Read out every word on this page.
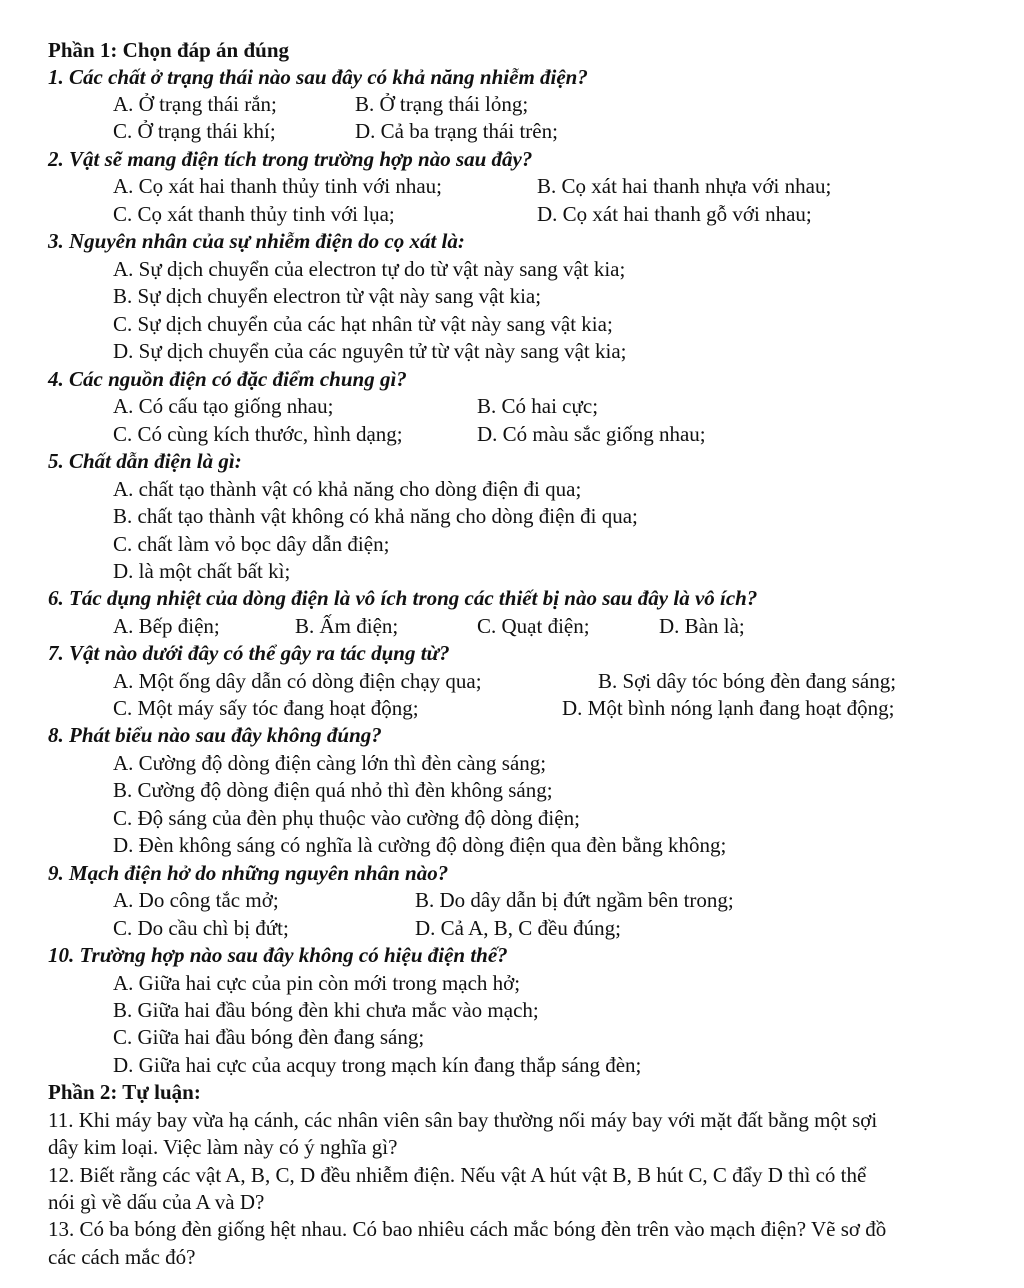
Phần 1: Chọn đáp án đúng
1. Các chất ở trạng thái nào sau đây có khả năng nhiễm điện?
A. Ở trạng thái rắn;	B. Ở trạng thái lỏng;
C. Ở trạng thái khí;	D. Cả ba trạng thái trên;
2. Vật sẽ mang điện tích trong trường hợp nào sau đây?
A. Cọ xát hai thanh thủy tinh với nhau;	B. Cọ xát hai thanh nhựa với nhau;
C. Cọ xát thanh thủy tinh với lụa;	D. Cọ xát hai thanh gỗ với nhau;
3. Nguyên nhân của sự nhiễm điện do cọ xát là:
A. Sự dịch chuyển của electron tự do từ vật này sang vật kia;
B. Sự dịch chuyển electron từ vật này sang vật kia;
C. Sự dịch chuyển của các hạt nhân từ vật này sang vật kia;
D. Sự dịch chuyển của các nguyên tử từ vật này sang vật kia;
4. Các nguồn điện có đặc điểm chung gì?
A. Có cấu tạo giống nhau;	B. Có hai cực;
C. Có cùng kích thước, hình dạng;	D. Có màu sắc giống nhau;
5. Chất dẫn điện là gì:
A. chất tạo thành vật có khả năng cho dòng điện đi qua;
B. chất tạo thành vật không có khả năng cho dòng điện đi qua;
C. chất làm vỏ bọc dây dẫn điện;
D. là một chất bất kì;
6. Tác dụng nhiệt của dòng điện là vô ích trong các thiết bị nào sau đây là vô ích?
A. Bếp điện;	B. Ấm điện;	C. Quạt điện;	D. Bàn là;
7. Vật nào dưới đây có thể gây ra tác dụng từ?
A. Một ống dây dẫn có dòng điện chạy qua;	B. Sợi dây tóc bóng đèn đang sáng;
C. Một máy sấy tóc đang hoạt động;	D. Một bình nóng lạnh đang hoạt động;
8. Phát biểu nào sau đây không đúng?
A. Cường độ dòng điện càng lớn thì đèn càng sáng;
B. Cường độ dòng điện quá nhỏ thì đèn không sáng;
C. Độ sáng của đèn phụ thuộc vào cường độ dòng điện;
D. Đèn không sáng có nghĩa là cường độ dòng điện qua đèn bằng không;
9. Mạch điện hở do những nguyên nhân nào?
A. Do công tắc mở;	B. Do dây dẫn bị đứt ngầm bên trong;
C. Do cầu chì bị đứt;	D. Cả A, B, C đều đúng;
10. Trường hợp nào sau đây không có hiệu điện thế?
A. Giữa hai cực của pin còn mới trong mạch hở;
B. Giữa hai đầu bóng đèn khi chưa mắc vào mạch;
C. Giữa hai đầu bóng đèn đang sáng;
D. Giữa hai cực của acquy trong mạch kín đang thắp sáng đèn;
Phần 2: Tự luận:
11. Khi máy bay vừa hạ cánh, các nhân viên sân bay thường nối máy bay với mặt đất bằng một sợi
dây kim loại. Việc làm này có ý nghĩa gì?
12. Biết rằng các vật A, B, C, D đều nhiễm điện. Nếu vật A hút vật B, B hút C, C đẩy D thì có thể
nói gì về dấu của A và D?
13. Có ba bóng đèn giống hệt nhau. Có bao nhiêu cách mắc bóng đèn trên vào mạch điện? Vẽ sơ đồ
các cách mắc đó?
